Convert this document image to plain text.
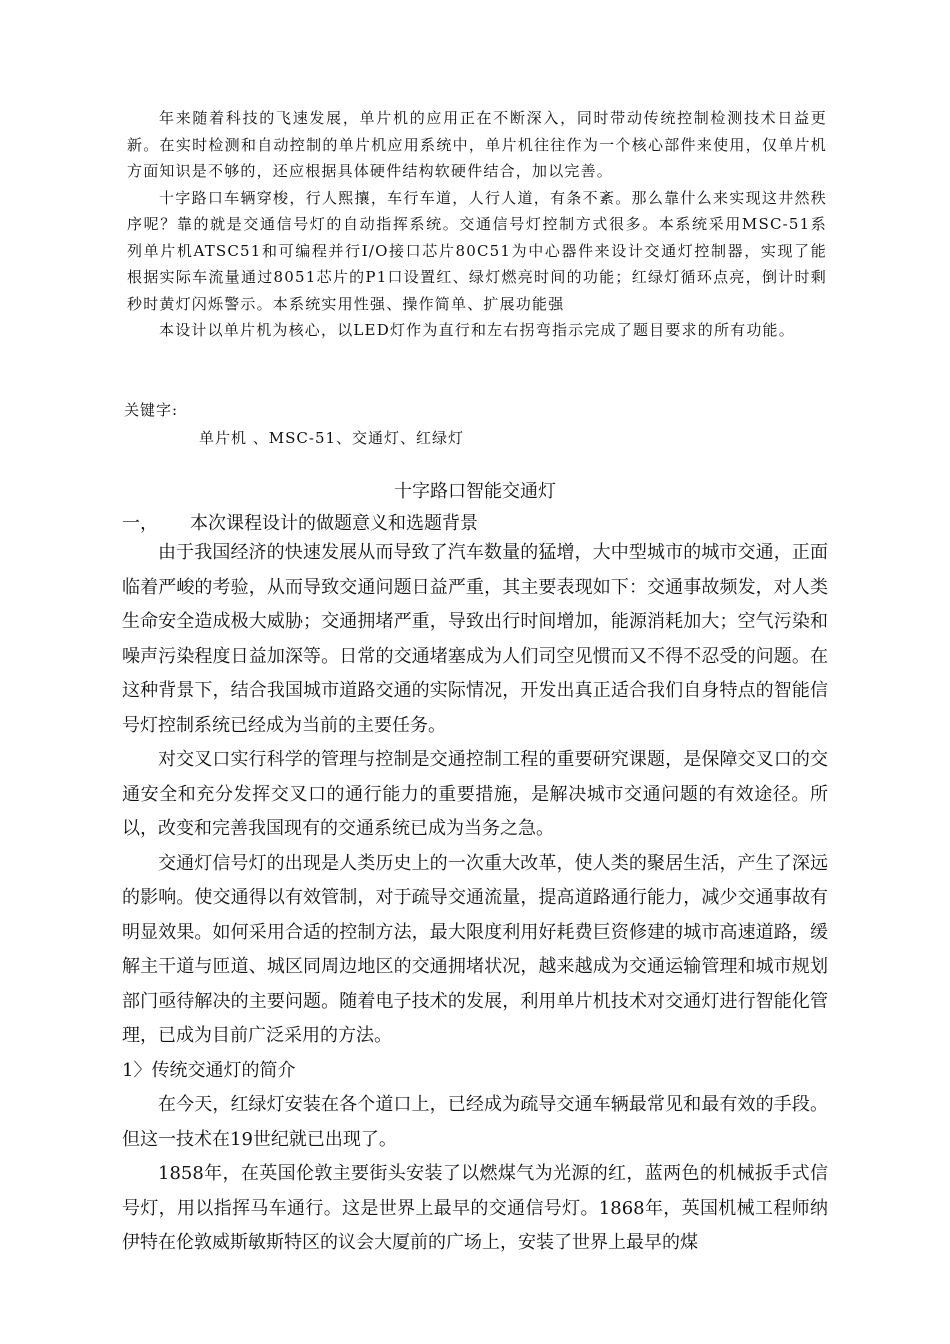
年来随着科技的飞速发展，单片机的应用正在不断深入，同时带动传统控制检测技术日益更新。在实时检测和自动控制的单片机应用系统中，单片机往往作为一个核心部件来使用，仅单片机方面知识是不够的，还应根据具体硬件结构软硬件结合，加以完善。

十字路口车辆穿梭，行人熙攘，车行车道，人行人道，有条不紊。那么靠什么来实现这井然秩序呢？靠的就是交通信号灯的自动指挥系统。交通信号灯控制方式很多。本系统采用MSC-51系列单片机ATSC51和可编程并行I/O接口芯片80C51为中心器件来设计交通灯控制器，实现了能根据实际车流量通过8051芯片的P1口设置红、绿灯燃亮时间的功能；红绿灯循环点亮，倒计时剩秒时黄灯闪烁警示。本系统实用性强、操作简单、扩展功能强

本设计以单片机为核心，以LED灯作为直行和左右拐弯指示完成了题目要求的所有功能。

关键字:
单片机 、MSC-51、交通灯、红绿灯
十字路口智能交通灯
一， 本次课程设计的做题意义和选题背景

由于我国经济的快速发展从而导致了汽车数量的猛增，大中型城市的城市交通，正面临着严峻的考验，从而导致交通问题日益严重，其主要表现如下：交通事故频发，对人类生命安全造成极大威胁；交通拥堵严重，导致出行时间增加，能源消耗加大；空气污染和噪声污染程度日益加深等。日常的交通堵塞成为人们司空见惯而又不得不忍受的问题。在这种背景下，结合我国城市道路交通的实际情况，开发出真正适合我们自身特点的智能信号灯控制系统已经成为当前的主要任务。

对交叉口实行科学的管理与控制是交通控制工程的重要研究课题，是保障交叉口的交通安全和充分发挥交叉口的通行能力的重要措施，是解决城市交通问题的有效途径。所以，改变和完善我国现有的交通系统已成为当务之急。

交通灯信号灯的出现是人类历史上的一次重大改革，使人类的聚居生活，产生了深远的影响。使交通得以有效管制，对于疏导交通流量，提高道路通行能力，减少交通事故有明显效果。如何采用合适的控制方法，最大限度利用好耗费巨资修建的城市高速道路，缓解主干道与匝道、城区同周边地区的交通拥堵状况，越来越成为交通运输管理和城市规划部门亟待解决的主要问题。随着电子技术的发展，利用单片机技术对交通灯进行智能化管理，已成为目前广泛采用的方法。

1〉传统交通灯的简介

在今天，红绿灯安装在各个道口上，已经成为疏导交通车辆最常见和最有效的手段。但这一技术在19世纪就已出现了。

1858年，在英国伦敦主要街头安装了以燃煤气为光源的红，蓝两色的机械扳手式信号灯，用以指挥马车通行。这是世界上最早的交通信号灯。1868年，英国机械工程师纳伊特在伦敦威斯敏斯特区的议会大厦前的广场上，安装了世界上最早的煤
